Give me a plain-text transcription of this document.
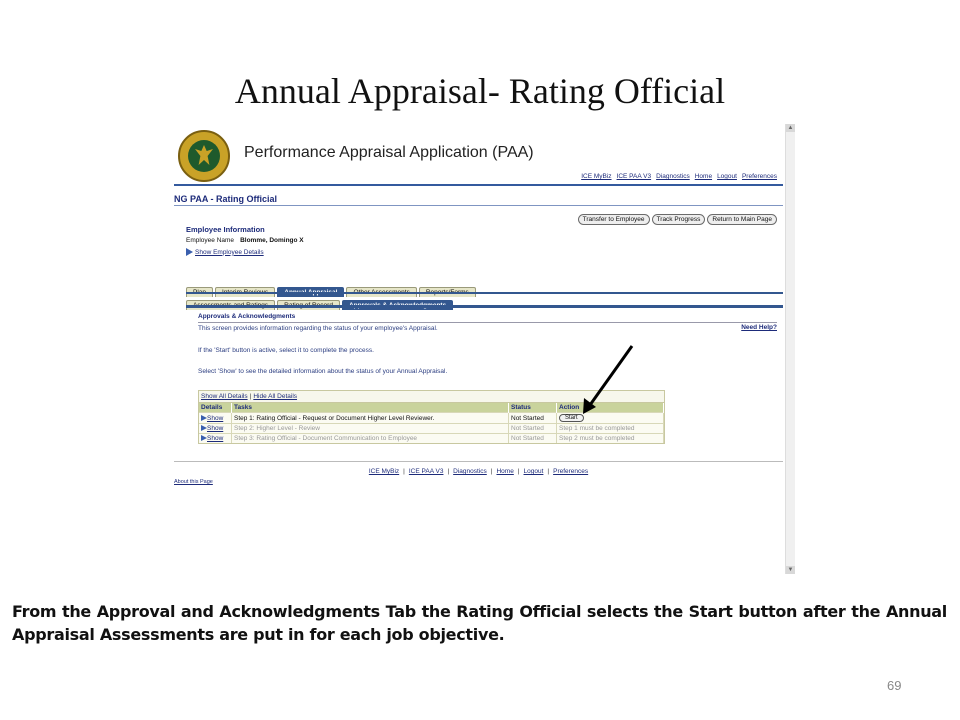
Annual Appraisal- Rating Official
Performance Appraisal Application (PAA)
ICE MyBiz ICE PAA V3 Diagnostics Home Logout Preferences
NG PAA - Rating Official
Transfer to Employee Track Progress Return to Main Page
Employee Information
Employee Name Blomme, Domingo X
Show Employee Details
Approvals & Acknowledgments
Need Help?
This screen provides information regarding the status of your employee's Appraisal.
If the 'Start' button is active, select it to complete the process.
Select 'Show' to see the detailed information about the status of your Annual Appraisal.
Show All Details | Hide All Details
Details	Tasks	Status	Action
Show	Step 1: Rating Official - Request or Document Higher Level Reviewer.	Not Started	Start
Show	Step 2: Higher Level - Review	Not Started	Step 1 must be completed
Show	Step 3: Rating Official - Document Communication to Employee	Not Started	Step 2 must be completed
ICE MyBiz | ICE PAA V3 | Diagnostics | Home | Logout | Preferences
About this Page
▲
▼
From the Approval and Acknowledgments Tab the Rating Official selects the Start button after the Annual Appraisal Assessments are put in for each job objective.
69
